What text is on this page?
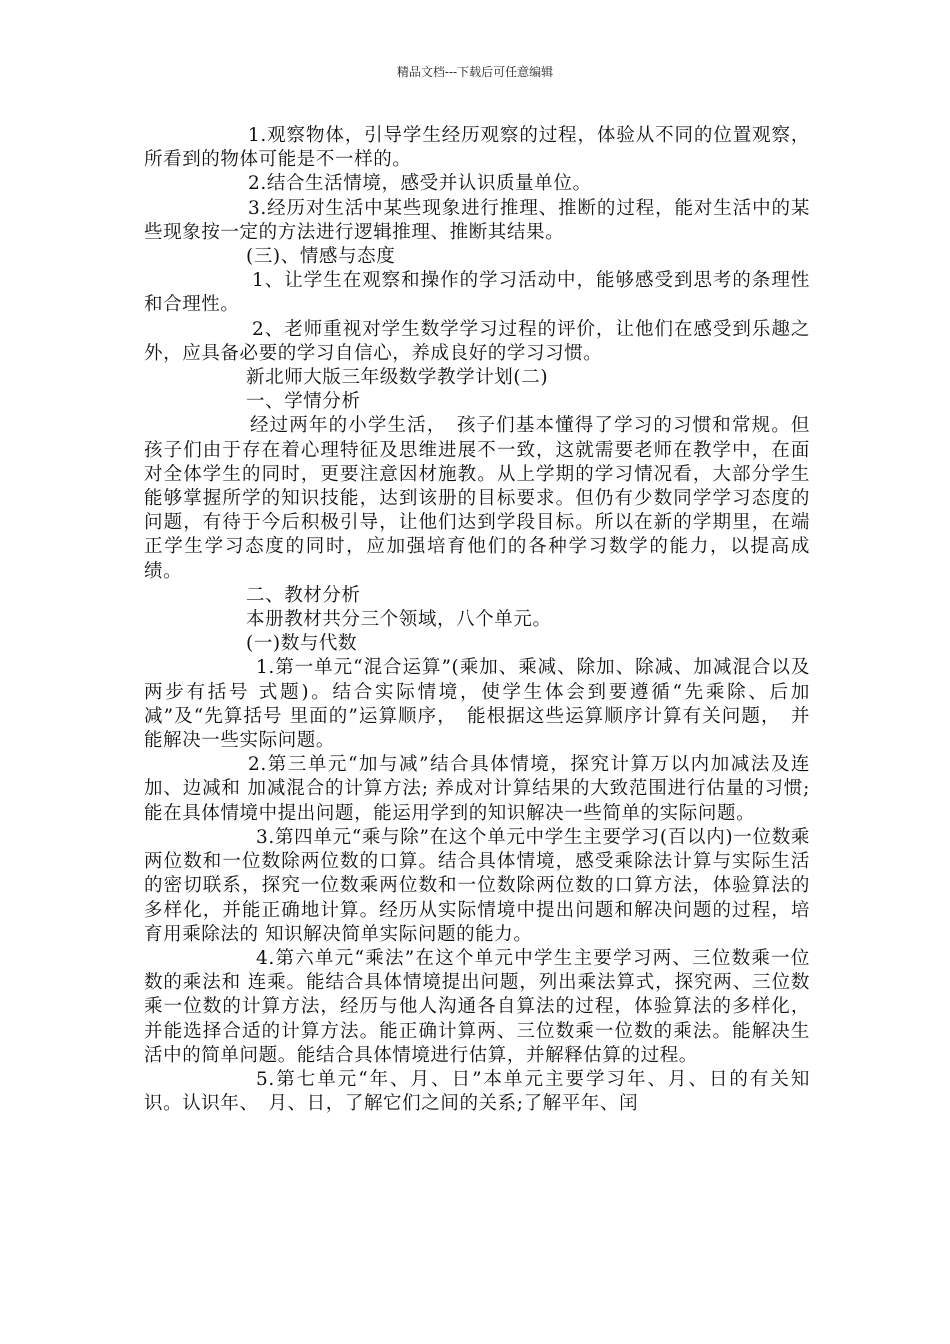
精品文档---下载后可任意编辑

1.观察物体，引导学生经历观察的过程，体验从不同的位置观察，所看到的物体可能是不一样的。

2.结合生活情境，感受并认识质量单位。

3.经历对生活中某些现象进行推理、推断的过程，能对生活中的某些现象按一定的方法进行逻辑推理、推断其结果。

(三)、情感与态度

1、让学生在观察和操作的学习活动中，能够感受到思考的条理性和合理性。

2、老师重视对学生数学学习过程的评价，让他们在感受到乐趣之外，应具备必要的学习自信心，养成良好的学习习惯。

新北师大版三年级数学教学计划(二)

一、学情分析

经过两年的小学生活，　孩子们基本懂得了学习的习惯和常规。但孩子们由于存在着心理特征及思维进展不一致，这就需要老师在教学中，在面对全体学生的同时，更要注意因材施教。从上学期的学习情况看，大部分学生能够掌握所学的知识技能，达到该册的目标要求。但仍有少数同学学习态度的问题，有待于今后积极引导，让他们达到学段目标。所以在新的学期里，在端正学生学习态度的同时，应加强培育他们的各种学习数学的能力，以提高成绩。

二、教材分析

本册教材共分三个领域，八个单元。

(一)数与代数

1.第一单元“混合运算”(乘加、乘减、除加、除减、加减混合以及两步有括号 式题)。结合实际情境，使学生体会到要遵循“先乘除、后加减”及“先算括号 里面的”运算顺序，　能根据这些运算顺序计算有关问题，　并能解决一些实际问题。

2.第三单元“加与减”结合具体情境，探究计算万以内加减法及连加、边减和 加减混合的计算方法; 养成对计算结果的大致范围进行估量的习惯;能在具体情境中提出问题，能运用学到的知识解决一些简单的实际问题。

3.第四单元“乘与除”在这个单元中学生主要学习(百以内)一位数乘两位数和一位数除两位数的口算。结合具体情境，感受乘除法计算与实际生活的密切联系，探究一位数乘两位数和一位数除两位数的口算方法，体验算法的多样化，并能正确地计算。经历从实际情境中提出问题和解决问题的过程，培育用乘除法的 知识解决简单实际问题的能力。

4.第六单元“乘法”在这个单元中学生主要学习两、三位数乘一位数的乘法和 连乘。能结合具体情境提出问题，列出乘法算式，探究两、三位数乘一位数的计算方法，经历与他人沟通各自算法的过程，体验算法的多样化，并能选择合适的计算方法。能正确计算两、三位数乘一位数的乘法。能解决生活中的简单问题。能结合具体情境进行估算，并解释估算的过程。

5.第七单元“年、月、日”本单元主要学习年、月、日的有关知识。认识年、　月、日，了解它们之间的关系;了解平年、闰
